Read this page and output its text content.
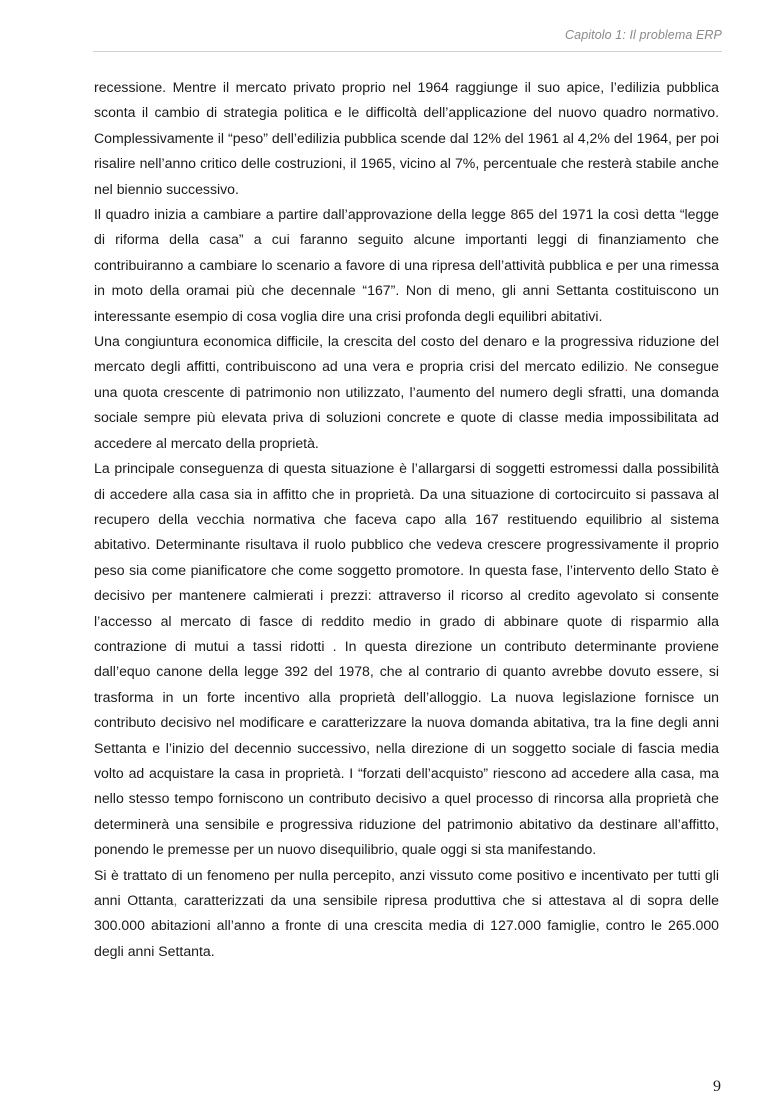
Capitolo 1: Il problema ERP

recessione. Mentre il mercato privato proprio nel 1964 raggiunge il suo apice, l’edilizia pubblica sconta il cambio di strategia politica e le difficoltà dell’applicazione del nuovo quadro normativo. Complessivamente il “peso” dell’edilizia pubblica scende dal 12% del 1961 al 4,2% del 1964, per poi risalire nell’anno critico delle costruzioni, il 1965, vicino al 7%, percentuale che resterà stabile anche nel biennio successivo.

Il quadro inizia a cambiare a partire dall’approvazione della legge 865 del 1971 la così detta “legge di riforma della casa” a cui faranno seguito alcune importanti leggi di finanziamento che contribuiranno a cambiare lo scenario a favore di una ripresa dell’attività pubblica e per una rimessa in moto della oramai più che decennale “167”. Non di meno, gli anni Settanta costituiscono un interessante esempio di cosa voglia dire una crisi profonda degli equilibri abitativi.

Una congiuntura economica difficile, la crescita del costo del denaro e la progressiva riduzione del mercato degli affitti, contribuiscono ad una vera e propria crisi del mercato edilizio. Ne consegue una quota crescente di patrimonio non utilizzato, l’aumento del numero degli sfratti, una domanda sociale sempre più elevata priva di soluzioni concrete e quote di classe media impossibilitata ad accedere al mercato della proprietà.

La principale conseguenza di questa situazione è l’allargarsi di soggetti estromessi dalla possibilità di accedere alla casa sia in affitto che in proprietà. Da una situazione di cortocircuito si passava al recupero della vecchia normativa che faceva capo alla 167 restituendo equilibrio al sistema abitativo. Determinante risultava il ruolo pubblico che vedeva crescere progressivamente il proprio peso sia come pianificatore che come soggetto promotore. In questa fase, l’intervento dello Stato è decisivo per mantenere calmierati i prezzi: attraverso il ricorso al credito agevolato si consente l’accesso al mercato di fasce di reddito medio in grado di abbinare quote di risparmio alla contrazione di mutui a tassi ridotti . In questa direzione un contributo determinante proviene dall’equo canone della legge 392 del 1978, che al contrario di quanto avrebbe dovuto essere, si trasforma in un forte incentivo alla proprietà dell’alloggio. La nuova legislazione fornisce un contributo decisivo nel modificare e caratterizzare la nuova domanda abitativa, tra la fine degli anni Settanta e l’inizio del decennio successivo, nella direzione di un soggetto sociale di fascia media volto ad acquistare la casa in proprietà. I “forzati dell’acquisto” riescono ad accedere alla casa, ma nello stesso tempo forniscono un contributo decisivo a quel processo di rincorsa alla proprietà che determinerà una sensibile e progressiva riduzione del patrimonio abitativo da destinare all’affitto, ponendo le premesse per un nuovo disequilibrio, quale oggi si sta manifestando.

Si è trattato di un fenomeno per nulla percepito, anzi vissuto come positivo e incentivato per tutti gli anni Ottanta, caratterizzati da una sensibile ripresa produttiva che si attestava al di sopra delle 300.000 abitazioni all’anno a fronte di una crescita media di 127.000 famiglie, contro le 265.000 degli anni Settanta.

9
